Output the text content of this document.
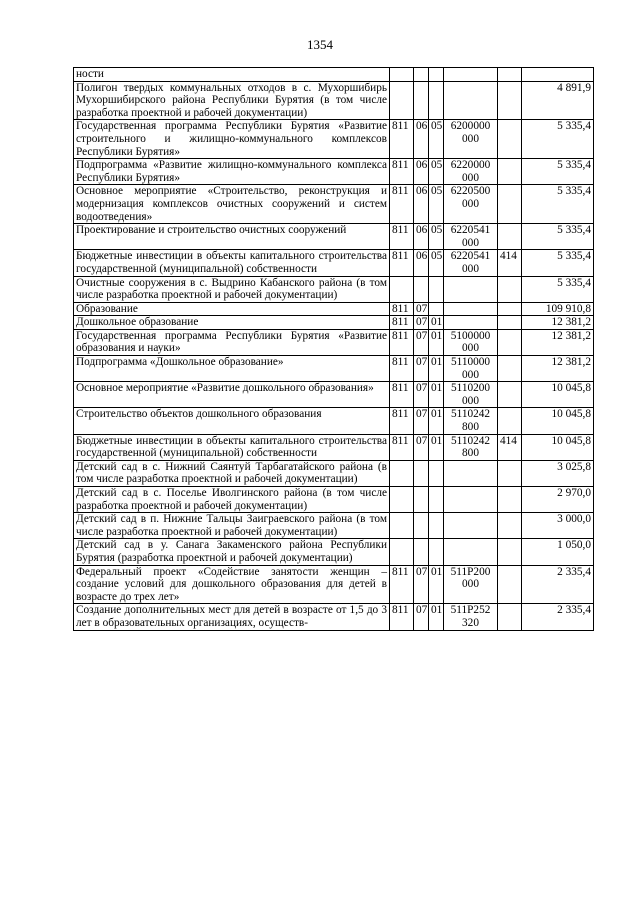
1354
ности						
Полигон твердых коммунальных отходов в с. Мухоршибирь Мухоршибирского района Республики Бурятия (в том числе разработка проектной и рабочей документации)						4 891,9
Государственная программа Республики Бурятия «Развитие строительного и жилищно-коммунального комплексов Республики Бурятия»	811	06	05	6200000 000		5 335,4
Подпрограмма «Развитие жилищно-коммунального комплекса Республики Бурятия»	811	06	05	6220000 000		5 335,4
Основное мероприятие «Строительство, реконструкция и модернизация комплексов очистных сооружений и систем водоотведения»	811	06	05	6220500 000		5 335,4
Проектирование и строительство очистных сооружений	811	06	05	6220541 000		5 335,4
Бюджетные инвестиции в объекты капитального строительства государственной (муниципальной) собственности	811	06	05	6220541 000	414	5 335,4
Очистные сооружения в с. Выдрино Кабанского района (в том числе разработка проектной и рабочей документации)						5 335,4
Образование	811	07				109 910,8
Дошкольное образование	811	07	01			12 381,2
Государственная программа Республики Бурятия «Развитие образования и науки»	811	07	01	5100000 000		12 381,2
Подпрограмма «Дошкольное образование»	811	07	01	5110000 000		12 381,2
Основное мероприятие «Развитие дошкольного образования»	811	07	01	5110200 000		10 045,8
Строительство объектов дошкольного образования	811	07	01	5110242 800		10 045,8
Бюджетные инвестиции в объекты капитального строительства государственной (муниципальной) собственности	811	07	01	5110242 800	414	10 045,8
Детский сад в с. Нижний Саянтуй Тарбагатайского района (в том числе разработка проектной и рабочей документации)						3 025,8
Детский сад в с. Поселье Иволгинского района (в том числе разработка проектной и рабочей документации)						2 970,0
Детский сад в п. Нижние Тальцы Заиграевского района (в том числе разработка проектной и рабочей документации)						3 000,0
Детский сад в у. Санага Закаменского района Республики Бурятия (разработка проектной и рабочей документации)						1 050,0
Федеральный проект «Содействие занятости женщин – создание условий для дошкольного образования для детей в возрасте до трех лет»	811	07	01	511Р200 000		2 335,4
Создание дополнительных мест для детей в возрасте от 1,5 до 3 лет в образовательных организациях, осуществ-	811	07	01	511Р252 320		2 335,4
